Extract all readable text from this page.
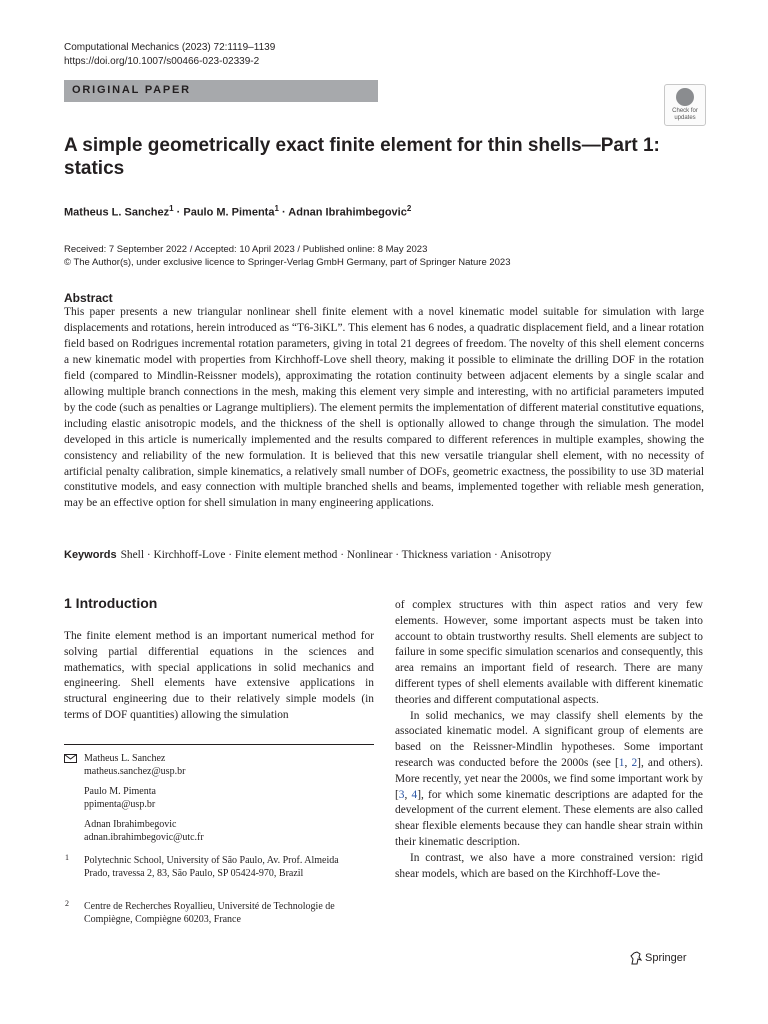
Computational Mechanics (2023) 72:1119–1139
https://doi.org/10.1007/s00466-023-02339-2
ORIGINAL PAPER
Check for updates
A simple geometrically exact finite element for thin shells—Part 1: statics
Matheus L. Sanchez$^1$ · Paulo M. Pimenta$^1$ · Adnan Ibrahimbegovic$^2$
Received: 7 September 2022 / Accepted: 10 April 2023 / Published online: 8 May 2023
© The Author(s), under exclusive licence to Springer-Verlag GmbH Germany, part of Springer Nature 2023
Abstract
This paper presents a new triangular nonlinear shell finite element with a novel kinematic model suitable for simulation with large displacements and rotations, herein introduced as “T6-3iKL”. This element has 6 nodes, a quadratic displacement field, and a linear rotation field based on Rodrigues incremental rotation parameters, giving in total 21 degrees of freedom. The novelty of this shell element concerns a new kinematic model with properties from Kirchhoff-Love shell theory, making it possible to eliminate the drilling DOF in the rotation field (compared to Mindlin-Reissner models), approximating the rotation continuity between adjacent elements by a single scalar and allowing multiple branch connections in the mesh, making this element very simple and interesting, with no artificial parameters imputed by the code (such as penalties or Lagrange multipliers). The element permits the implementation of different material constitutive equations, including elastic anisotropic models, and the thickness of the shell is optionally allowed to change through the simulation. The model developed in this article is numerically implemented and the results compared to different references in multiple examples, showing the consistency and reliability of the new formulation. It is believed that this new versatile triangular shell element, with no necessity of artificial penalty calibration, simple kinematics, a relatively small number of DOFs, geometric exactness, the possibility to use 3D material constitutive models, and easy connection with multiple branched shells and beams, implemented together with reliable mesh generation, may be an effective option for shell simulation in many engineering applications.
Keywords Shell · Kirchhoff-Love · Finite element method · Nonlinear · Thickness variation · Anisotropy
1 Introduction
The finite element method is an important numerical method for solving partial differential equations in the sciences and mathematics, with special applications in solid mechanics and engineering. Shell elements have extensive applications in structural engineering due to their relatively simple models (in terms of DOF quantities) allowing the simulation

of complex structures with thin aspect ratios and very few elements. However, some important aspects must be taken into account to obtain trustworthy results. Shell elements are subject to failure in some specific simulation scenarios and consequently, this area remains an important field of research. There are many different types of shell elements available with different kinematic theories and different computational aspects.

In solid mechanics, we may classify shell elements by the associated kinematic model. A significant group of elements are based on the Reissner-Mindlin hypotheses. Some important research was conducted before the 2000s (see [1, 2], and others). More recently, yet near the 2000s, we find some important work by [3, 4], for which some kinematic descriptions are adapted for the development of the current element. These elements are also called shear flexible elements because they can handle shear strain within their kinematic description.

In contrast, we also have a more constrained version: rigid shear models, which are based on the Kirchhoff-Love the-

Matheus L. Sanchez
matheus.sanchez@usp.br
Paulo M. Pimenta
ppimenta@usp.br
Adnan Ibrahimbegovic
adnan.ibrahimbegovic@utc.fr
1 Polytechnic School, University of São Paulo, Av. Prof. Almeida Prado, travessa 2, 83, São Paulo, SP 05424-970, Brazil
2 Centre de Recherches Royallieu, Université de Technologie de Compiègne, Compiègne 60203, France
Springer
